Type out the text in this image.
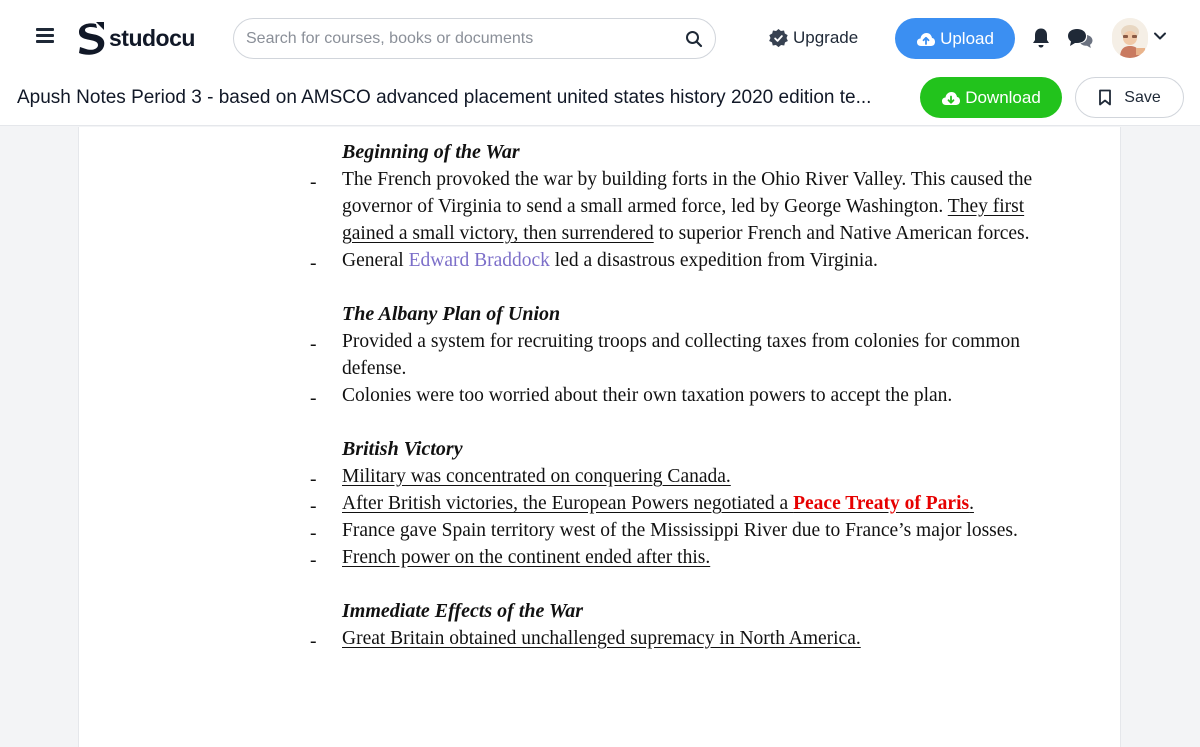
studocu
Search for courses, books or documents	Upgrade	Upload
Apush Notes Period 3 - based on AMSCO advanced placement united states history 2020 edition te...	Download	Save
Beginning of the War
- The French provoked the war by building forts in the Ohio River Valley. This caused the
governor of Virginia to send a small armed force, led by George Washington. They first
gained a small victory, then surrendered to superior French and Native American forces.
- General Edward Braddock led a disastrous expedition from Virginia.
The Albany Plan of Union
- Provided a system for recruiting troops and collecting taxes from colonies for common
defense.
- Colonies were too worried about their own taxation powers to accept the plan.
British Victory
- Military was concentrated on conquering Canada.
- After British victories, the European Powers negotiated a Peace Treaty of Paris.
- France gave Spain territory west of the Mississippi River due to France’s major losses.
- French power on the continent ended after this.
Immediate Effects of the War
- Great Britain obtained unchallenged supremacy in North America.
